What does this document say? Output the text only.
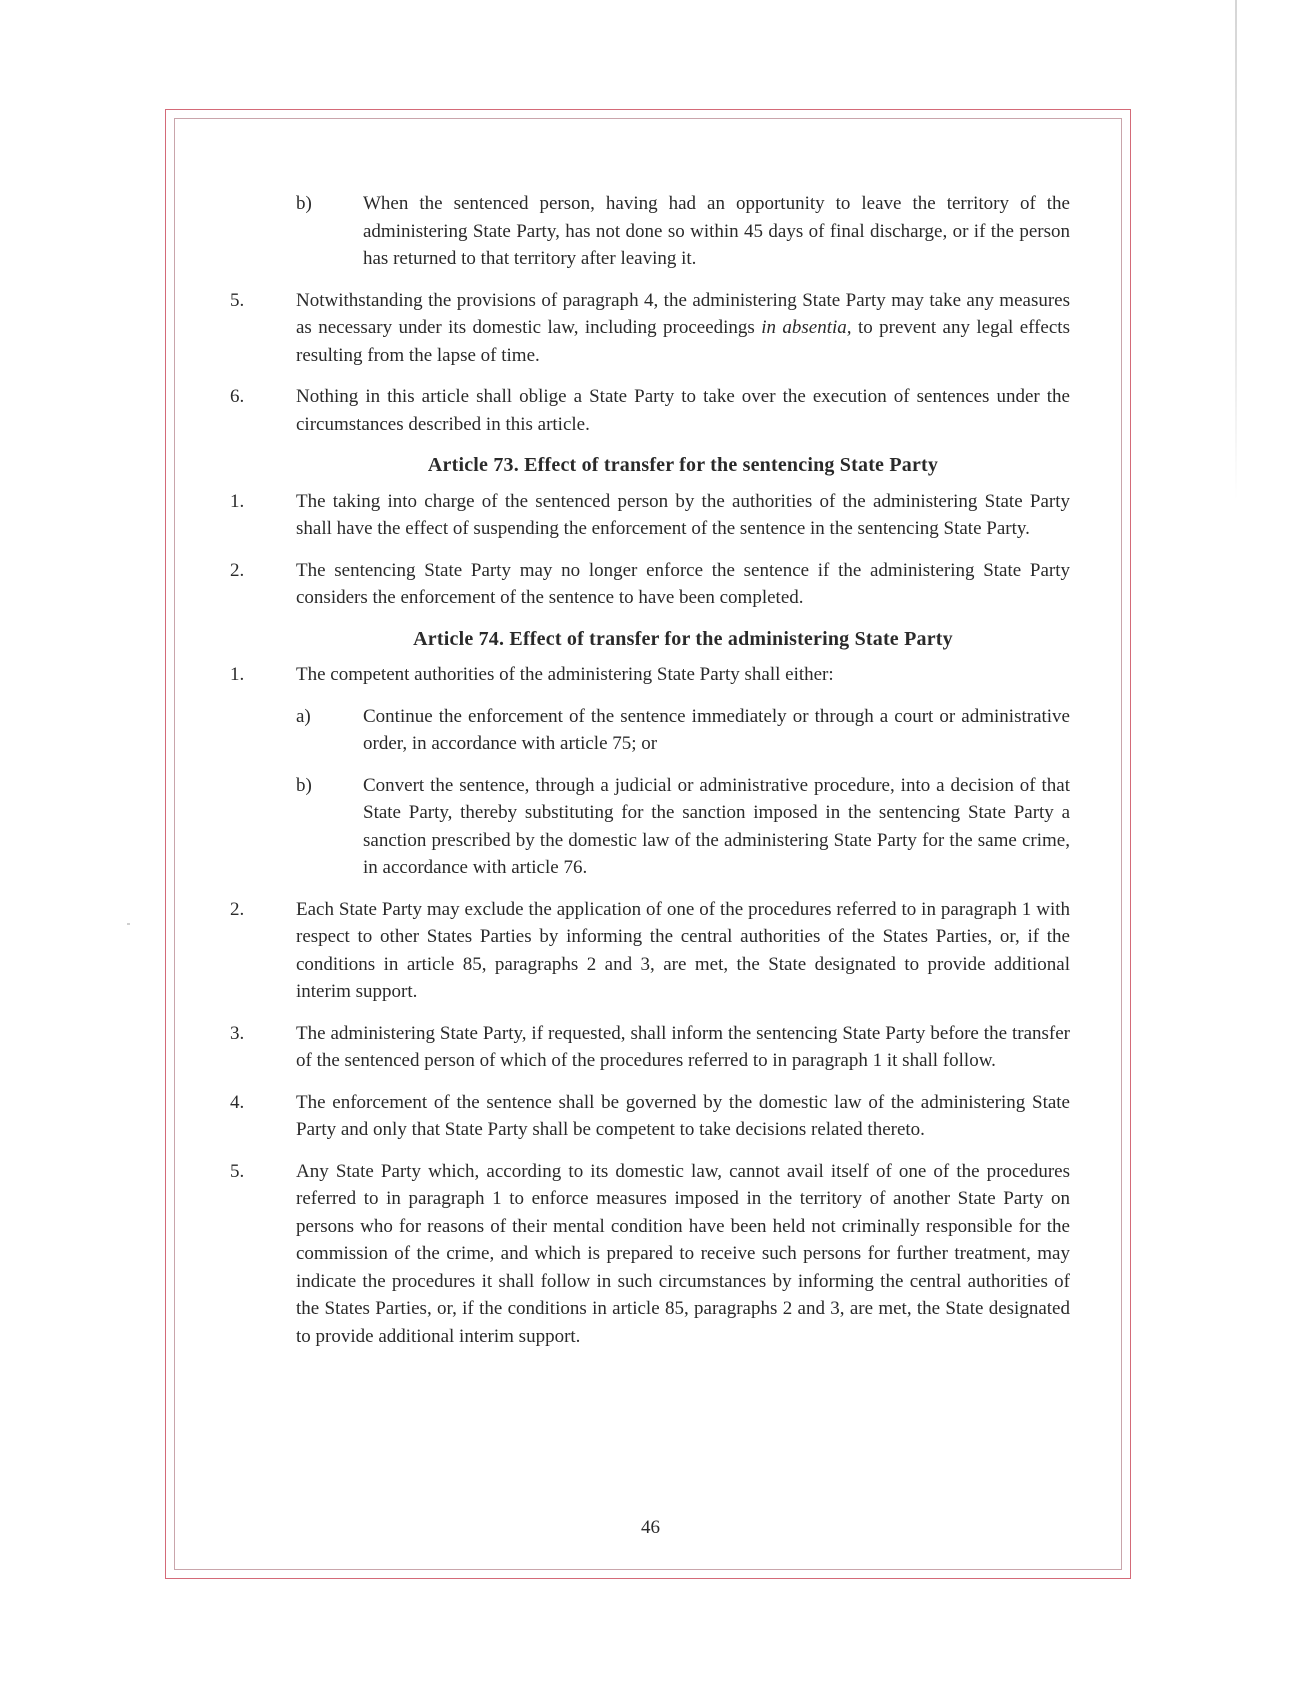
b)	When the sentenced person, having had an opportunity to leave the territory of the administering State Party, has not done so within 45 days of final discharge, or if the person has returned to that territory after leaving it.
5.	Notwithstanding the provisions of paragraph 4, the administering State Party may take any measures as necessary under its domestic law, including proceedings in absentia, to prevent any legal effects resulting from the lapse of time.
6.	Nothing in this article shall oblige a State Party to take over the execution of sentences under the circumstances described in this article.
Article 73. Effect of transfer for the sentencing State Party
1.	The taking into charge of the sentenced person by the authorities of the administering State Party shall have the effect of suspending the enforcement of the sentence in the sentencing State Party.
2.	The sentencing State Party may no longer enforce the sentence if the administering State Party considers the enforcement of the sentence to have been completed.
Article 74. Effect of transfer for the administering State Party
1.	The competent authorities of the administering State Party shall either:
a)	Continue the enforcement of the sentence immediately or through a court or administrative order, in accordance with article 75; or
b)	Convert the sentence, through a judicial or administrative procedure, into a decision of that State Party, thereby substituting for the sanction imposed in the sentencing State Party a sanction prescribed by the domestic law of the administering State Party for the same crime, in accordance with article 76.
2.	Each State Party may exclude the application of one of the procedures referred to in paragraph 1 with respect to other States Parties by informing the central authorities of the States Parties, or, if the conditions in article 85, paragraphs 2 and 3, are met, the State designated to provide additional interim support.
3.	The administering State Party, if requested, shall inform the sentencing State Party before the transfer of the sentenced person of which of the procedures referred to in paragraph 1 it shall follow.
4.	The enforcement of the sentence shall be governed by the domestic law of the administering State Party and only that State Party shall be competent to take decisions related thereto.
5.	Any State Party which, according to its domestic law, cannot avail itself of one of the procedures referred to in paragraph 1 to enforce measures imposed in the territory of another State Party on persons who for reasons of their mental condition have been held not criminally responsible for the commission of the crime, and which is prepared to receive such persons for further treatment, may indicate the procedures it shall follow in such circumstances by informing the central authorities of the States Parties, or, if the conditions in article 85, paragraphs 2 and 3, are met, the State designated to provide additional interim support.
46
